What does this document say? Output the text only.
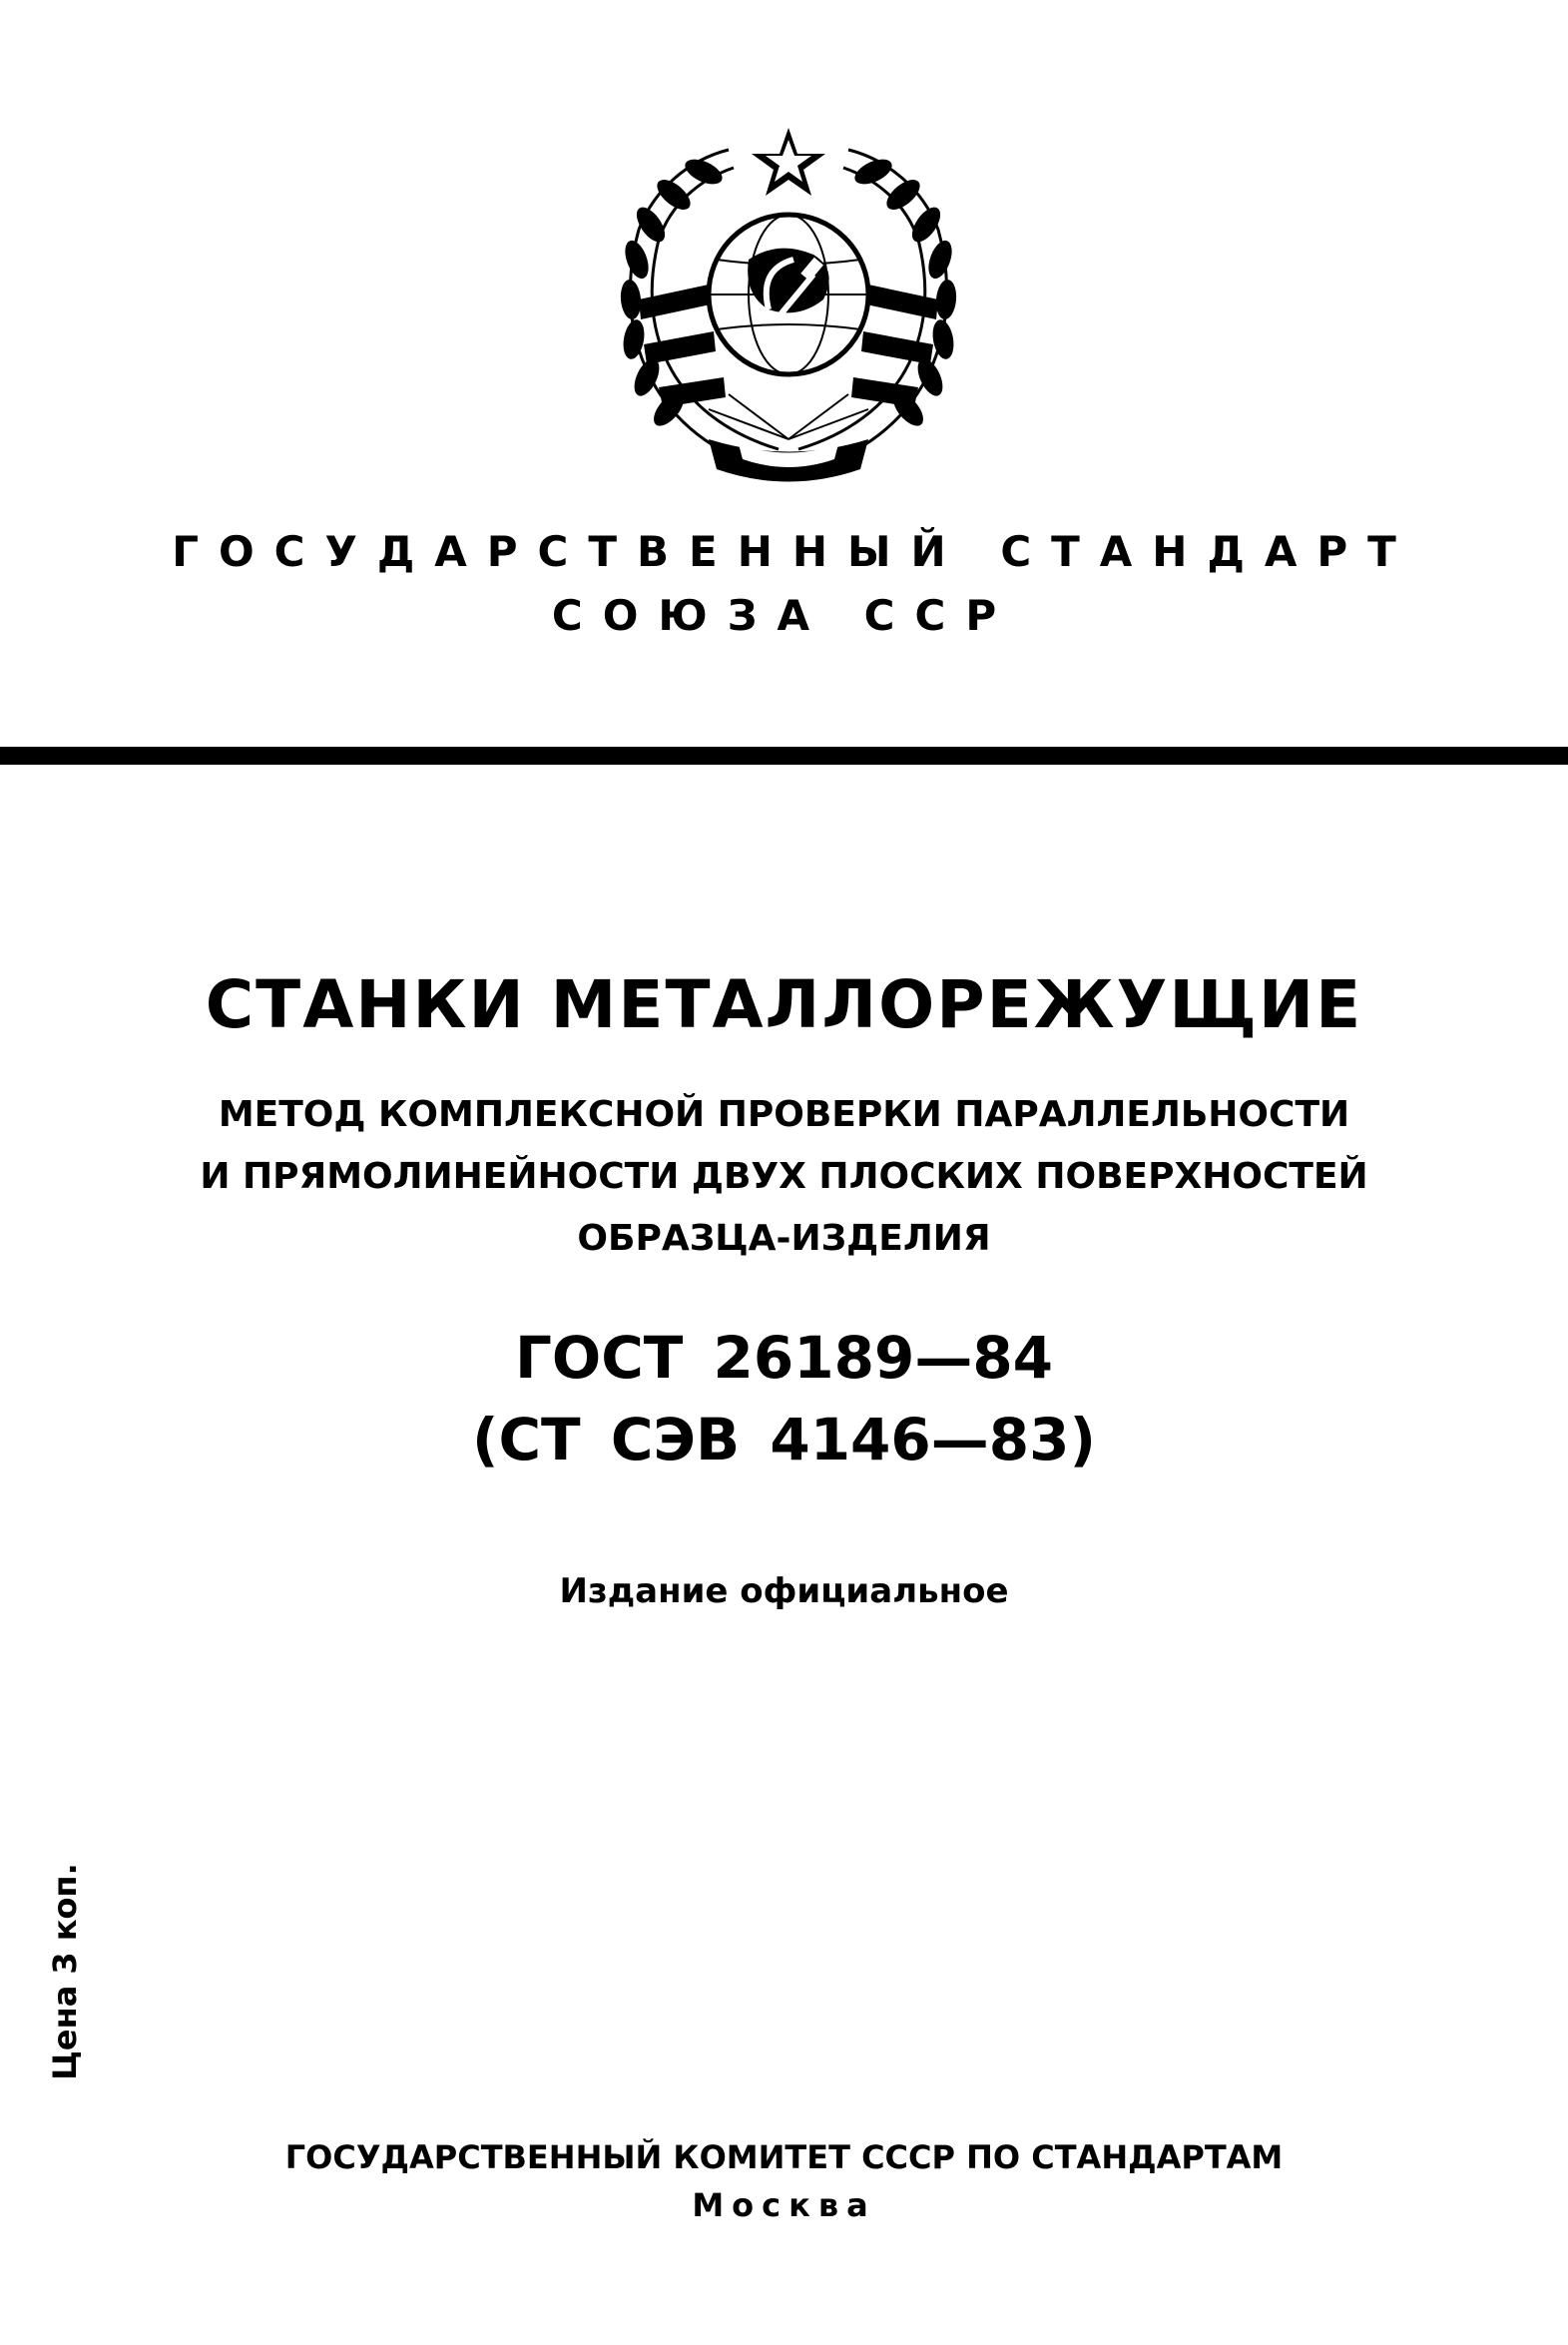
ГОСУДАРСТВЕННЫЙ СТАНДАРТ
СОЮЗА ССР
СТАНКИ МЕТАЛЛОРЕЖУЩИЕ
МЕТОД КОМПЛЕКСНОЙ ПРОВЕРКИ ПАРАЛЛЕЛЬНОСТИ
И ПРЯМОЛИНЕЙНОСТИ ДВУХ ПЛОСКИХ ПОВЕРХНОСТЕЙ
ОБРАЗЦА-ИЗДЕЛИЯ
ГОСТ 26189—84
(СТ СЭВ 4146—83)
Издание официальное
Цена 3 коп.
ГОСУДАРСТВЕННЫЙ КОМИТЕТ СССР ПО СТАНДАРТАМ
Москва
